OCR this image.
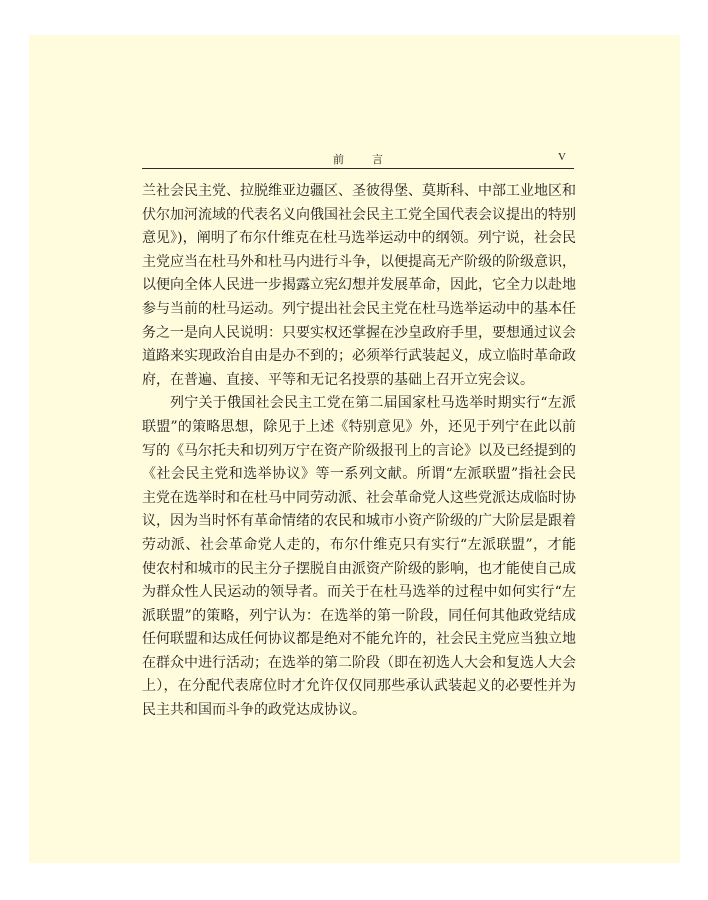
前言	V

兰社会民主党、拉脱维亚边疆区、圣彼得堡、莫斯科、中部工业地区和伏尔加河流域的代表名义向俄国社会民主工党全国代表会议提出的特别意见》)，阐明了布尔什维克在杜马选举运动中的纲领。列宁说，社会民主党应当在杜马外和杜马内进行斗争，以便提高无产阶级的阶级意识，以便向全体人民进一步揭露立宪幻想并发展革命，因此，它全力以赴地参与当前的杜马运动。列宁提出社会民主党在杜马选举运动中的基本任务之一是向人民说明：只要实权还掌握在沙皇政府手里，要想通过议会道路来实现政治自由是办不到的；必须举行武装起义，成立临时革命政府，在普遍、直接、平等和无记名投票的基础上召开立宪会议。

列宁关于俄国社会民主工党在第二届国家杜马选举时期实行“左派联盟”的策略思想，除见于上述《特别意见》外，还见于列宁在此以前写的《马尔托夫和切列万宁在资产阶级报刊上的言论》以及已经提到的《社会民主党和选举协议》等一系列文献。所谓“左派联盟”指社会民主党在选举时和在杜马中同劳动派、社会革命党人这些党派达成临时协议，因为当时怀有革命情绪的农民和城市小资产阶级的广大阶层是跟着劳动派、社会革命党人走的，布尔什维克只有实行“左派联盟”，才能使农村和城市的民主分子摆脱自由派资产阶级的影响，也才能使自己成为群众性人民运动的领导者。而关于在杜马选举的过程中如何实行“左派联盟”的策略，列宁认为：在选举的第一阶段，同任何其他政党结成任何联盟和达成任何协议都是绝对不能允许的，社会民主党应当独立地在群众中进行活动；在选举的第二阶段（即在初选人大会和复选人大会上），在分配代表席位时才允许仅仅同那些承认武装起义的必要性并为民主共和国而斗争的政党达成协议。
